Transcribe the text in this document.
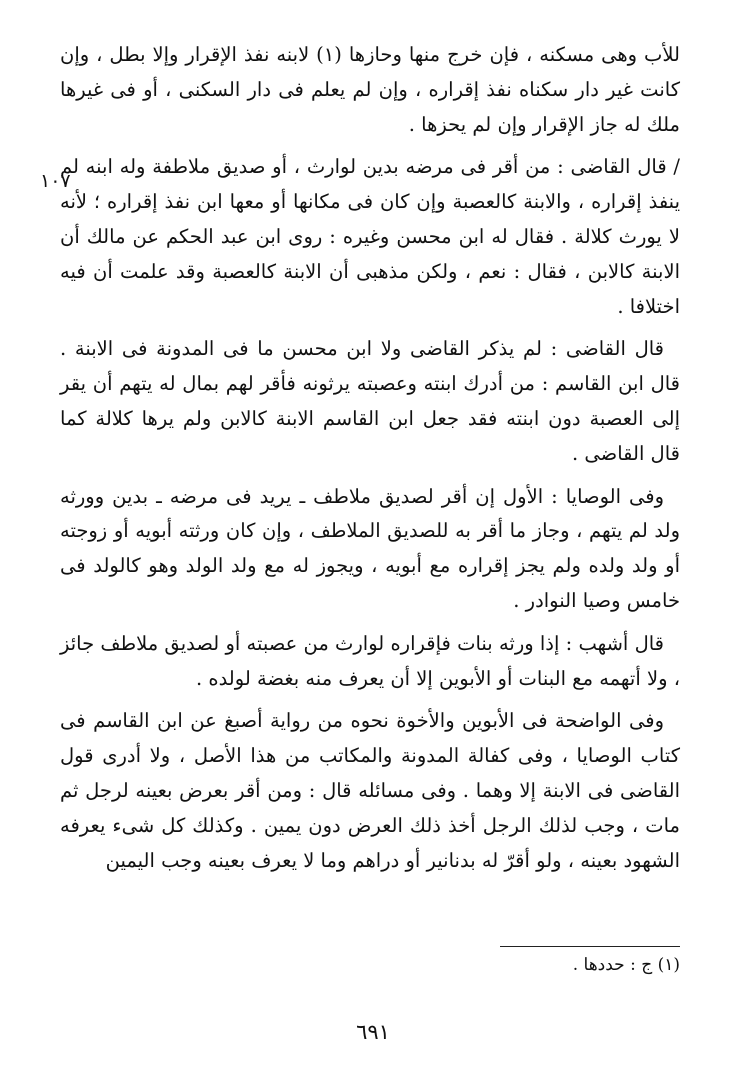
للأب وهى مسكنه ، فإن خرج منها وحازها (١) لابنه نفذ الإقرار وإلا بطل ، وإن كانت غير دار سكناه نفذ إقراره ، وإن لم يعلم فى دار السكنى ، أو فى غيرها ملك له جاز الإقرار وإن لم يحزها .

/ قال القاضى : من أقر فى مرضه بدين لوارث ، أو صديق ملاطفة وله ابنه لم ينفذ إقراره ، والابنة كالعصبة وإن كان فى مكانها أو معها ابن نفذ إقراره ؛ لأنه لا يورث كلالة . فقال له ابن محسن وغيره : روى ابن عبد الحكم عن مالك أن الابنة كالابن ، فقال : نعم ، ولكن مذهبى أن الابنة كالعصبة وقد علمت أن فيه اختلافا .

قال القاضى : لم يذكر القاضى ولا ابن محسن ما فى المدونة فى الابنة . قال ابن القاسم : من أدرك ابنته وعصبته يرثونه فأقر لهم بمال له يتهم أن يقر إلى العصبة دون ابنته فقد جعل ابن القاسم الابنة كالابن ولم يرها كلالة كما قال القاضى .

وفى الوصايا : الأول إن أقر لصديق ملاطف ـ يريد فى مرضه ـ بدين وورثه ولد لم يتهم ، وجاز ما أقر به للصديق الملاطف ، وإن كان ورثته أبويه أو زوجته أو ولد ولده ولم يجز إقراره مع أبويه ، ويجوز له مع ولد الولد وهو كالولد فى خامس وصيا النوادر .

قال أشهب : إذا ورثه بنات فإقراره لوارث من عصبته أو لصديق ملاطف جائز ، ولا أتهمه مع البنات أو الأبوين إلا أن يعرف منه بغضة لولده .

وفى الواضحة فى الأبوين والأخوة نحوه من رواية أصبغ عن ابن القاسم فى كتاب الوصايا ، وفى كفالة المدونة والمكاتب من هذا الأصل ، ولا أدرى قول القاضى فى الابنة إلا وهما . وفى مسائله قال : ومن أقر بعرض بعينه لرجل ثم مات ، وجب لذلك الرجل أخذ ذلك العرض دون يمين . وكذلك كل شىء يعرفه الشهود بعينه ، ولو أقرّ له بدنانير أو دراهم وما لا يعرف بعينه وجب اليمين

١٠٧
(١) ج : حددها .
٦٩١
